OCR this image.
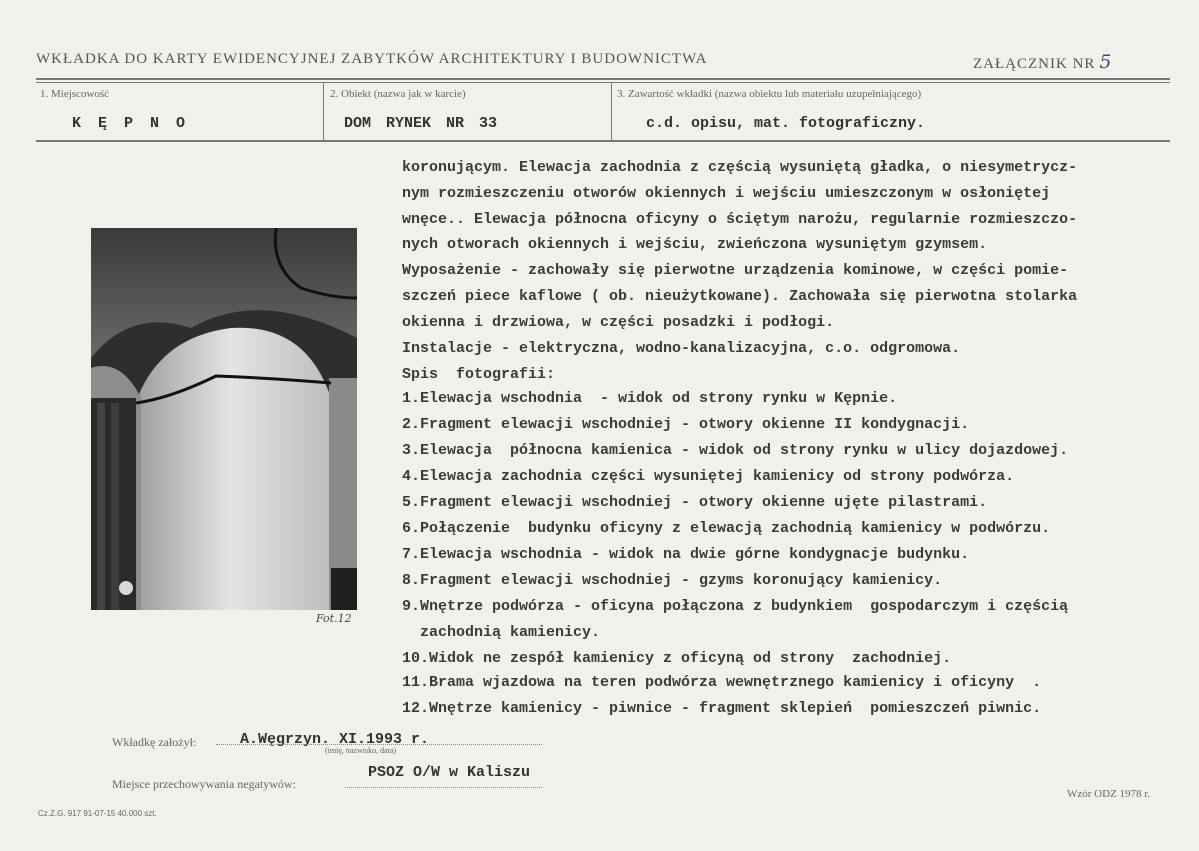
WKŁADKA DO KARTY EWIDENCYJNEJ ZABYTKÓW ARCHITEKTURY I BUDOWNICTWA	ZAŁĄCZNIK NR 5
1. Miejscowość
K Ę P N O
2. Obiekt (nazwa jak w karcie)
DOM RYNEK NR 33
3. Zawartość wkładki (nazwa obiektu lub materiału uzupełniającego)
c.d. opisu, mat. fotograficzny.
koronującym. Elewacja zachodnia z częścią wysuniętą gładka, o niesymetrycz-
nym rozmieszczeniu otworów okiennych i wejściu umieszczonym w osłoniętej
wnęce.. Elewacja północna oficyny o ściętym narożu, regularnie rozmieszczo-
nych otworach okiennych i wejściu, zwieńczona wysuniętym gzymsem.
Wyposażenie - zachowały się pierwotne urządzenia kominowe, w części pomie-
szczeń piece kaflowe ( ob. nieużytkowane). Zachowała się pierwotna stolarka
okienna i drzwiowa, w części posadzki i podłogi.
Instalacje - elektryczna, wodno-kanalizacyjna, c.o. odgromowa.
Spis  fotografii:
1.Elewacja wschodnia  - widok od strony rynku w Kępnie.
2.Fragment elewacji wschodniej - otwory okienne II kondygnacji.
3.Elewacja  północna kamienica - widok od strony rynku w ulicy dojazdowej.
4.Elewacja zachodnia części wysuniętej kamienicy od strony podwórza.
5.Fragment elewacji wschodniej - otwory okienne ujęte pilastrami.
6.Połączenie  budynku oficyny z elewacją zachodnią kamienicy w podwórzu.
7.Elewacja wschodnia - widok na dwie górne kondygnacje budynku.
8.Fragment elewacji wschodniej - gzyms koronujący kamienicy.
9.Wnętrze podwórza - oficyna połączona z budynkiem  gospodarczym i częścią
zachodnią kamienicy.
10.Widok ne zespół kamienicy z oficyną od strony  zachodniej.
11.Brama wjazdowa na teren podwórza wewnętrznego kamienicy i oficyny  .
12.Wnętrze kamienicy - piwnice - fragment sklepień  pomieszczeń piwnic.
Fot.12
Wkładkę założył:	A.Węgrzyn. XI.1993 r.
(imię, nazwisko, data)
Miejsce przechowywania negatywów:
PSOZ O/W w Kaliszu
Wzór ODZ 1978 r.
Cz.Z.G. 917 91-07-15 40.000 szt.
